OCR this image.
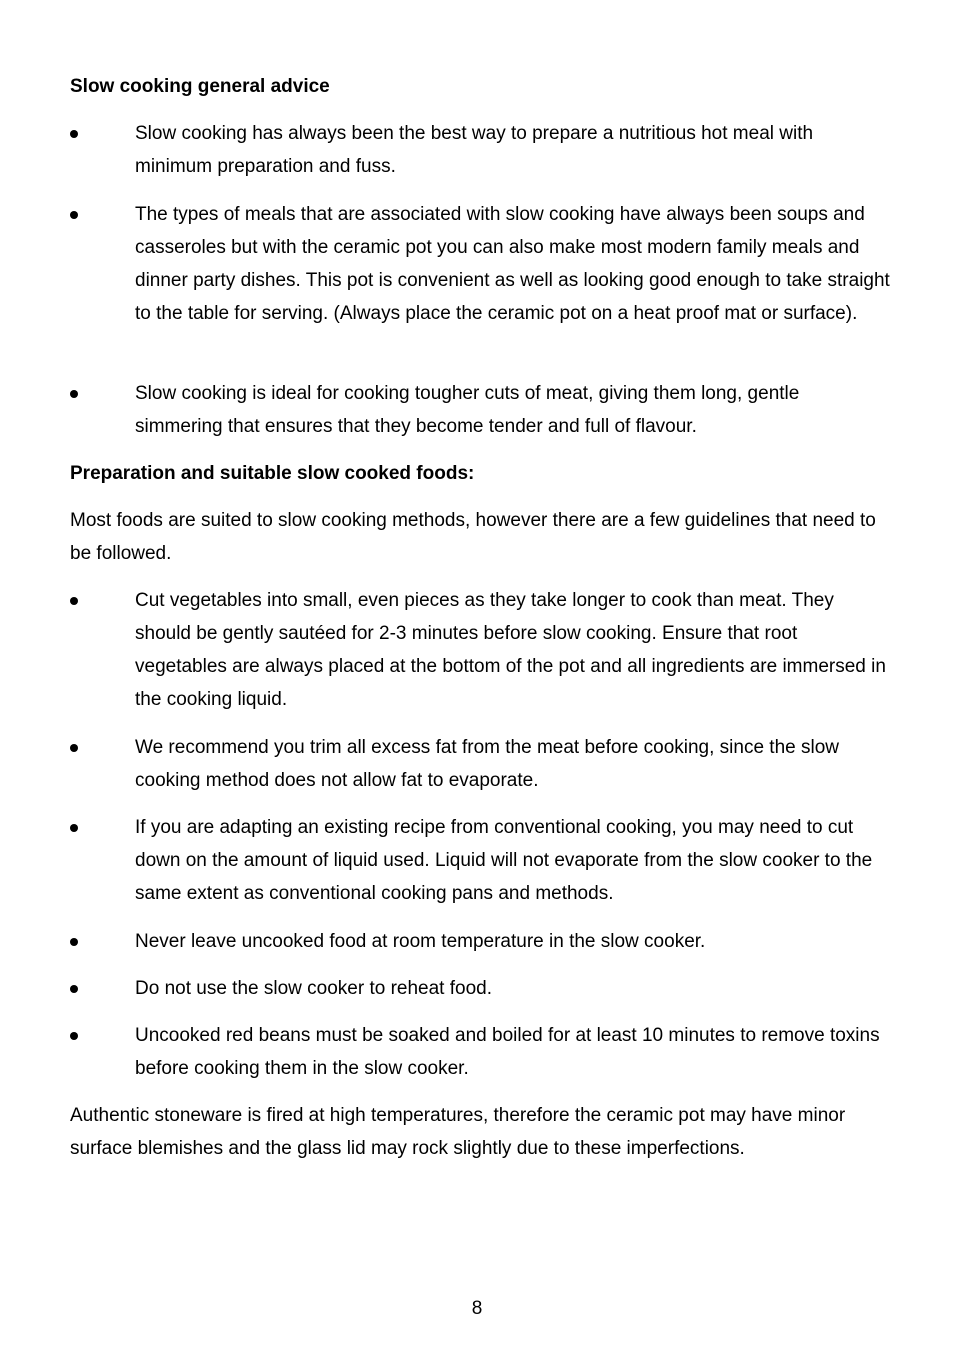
Slow cooking general advice

Slow cooking has always been the best way to prepare a nutritious hot meal with minimum preparation and fuss.

The types of meals that are associated with slow cooking have always been soups and casseroles but with the ceramic pot you can also make most modern family meals and dinner party dishes. This pot is convenient as well as looking good enough to take straight to the table for serving. (Always place the ceramic pot on a heat proof mat or surface).

Slow cooking is ideal for cooking tougher cuts of meat, giving them long, gentle simmering that ensures that they become tender and full of flavour.

Preparation and suitable slow cooked foods:

Most foods are suited to slow cooking methods, however there are a few guidelines that need to be followed.

Cut vegetables into small, even pieces as they take longer to cook than meat. They should be gently sautéed for 2-3 minutes before slow cooking. Ensure that root vegetables are always placed at the bottom of the pot and all ingredients are immersed in the cooking liquid.

We recommend you trim all excess fat from the meat before cooking, since the slow cooking method does not allow fat to evaporate.

If you are adapting an existing recipe from conventional cooking, you may need to cut down on the amount of liquid used. Liquid will not evaporate from the slow cooker to the same extent as conventional cooking pans and methods.

Never leave uncooked food at room temperature in the slow cooker.

Do not use the slow cooker to reheat food.

Uncooked red beans must be soaked and boiled for at least 10 minutes to remove toxins before cooking them in the slow cooker.

Authentic stoneware is fired at high temperatures, therefore the ceramic pot may have minor surface blemishes and the glass lid may rock slightly due to these imperfections.

8
